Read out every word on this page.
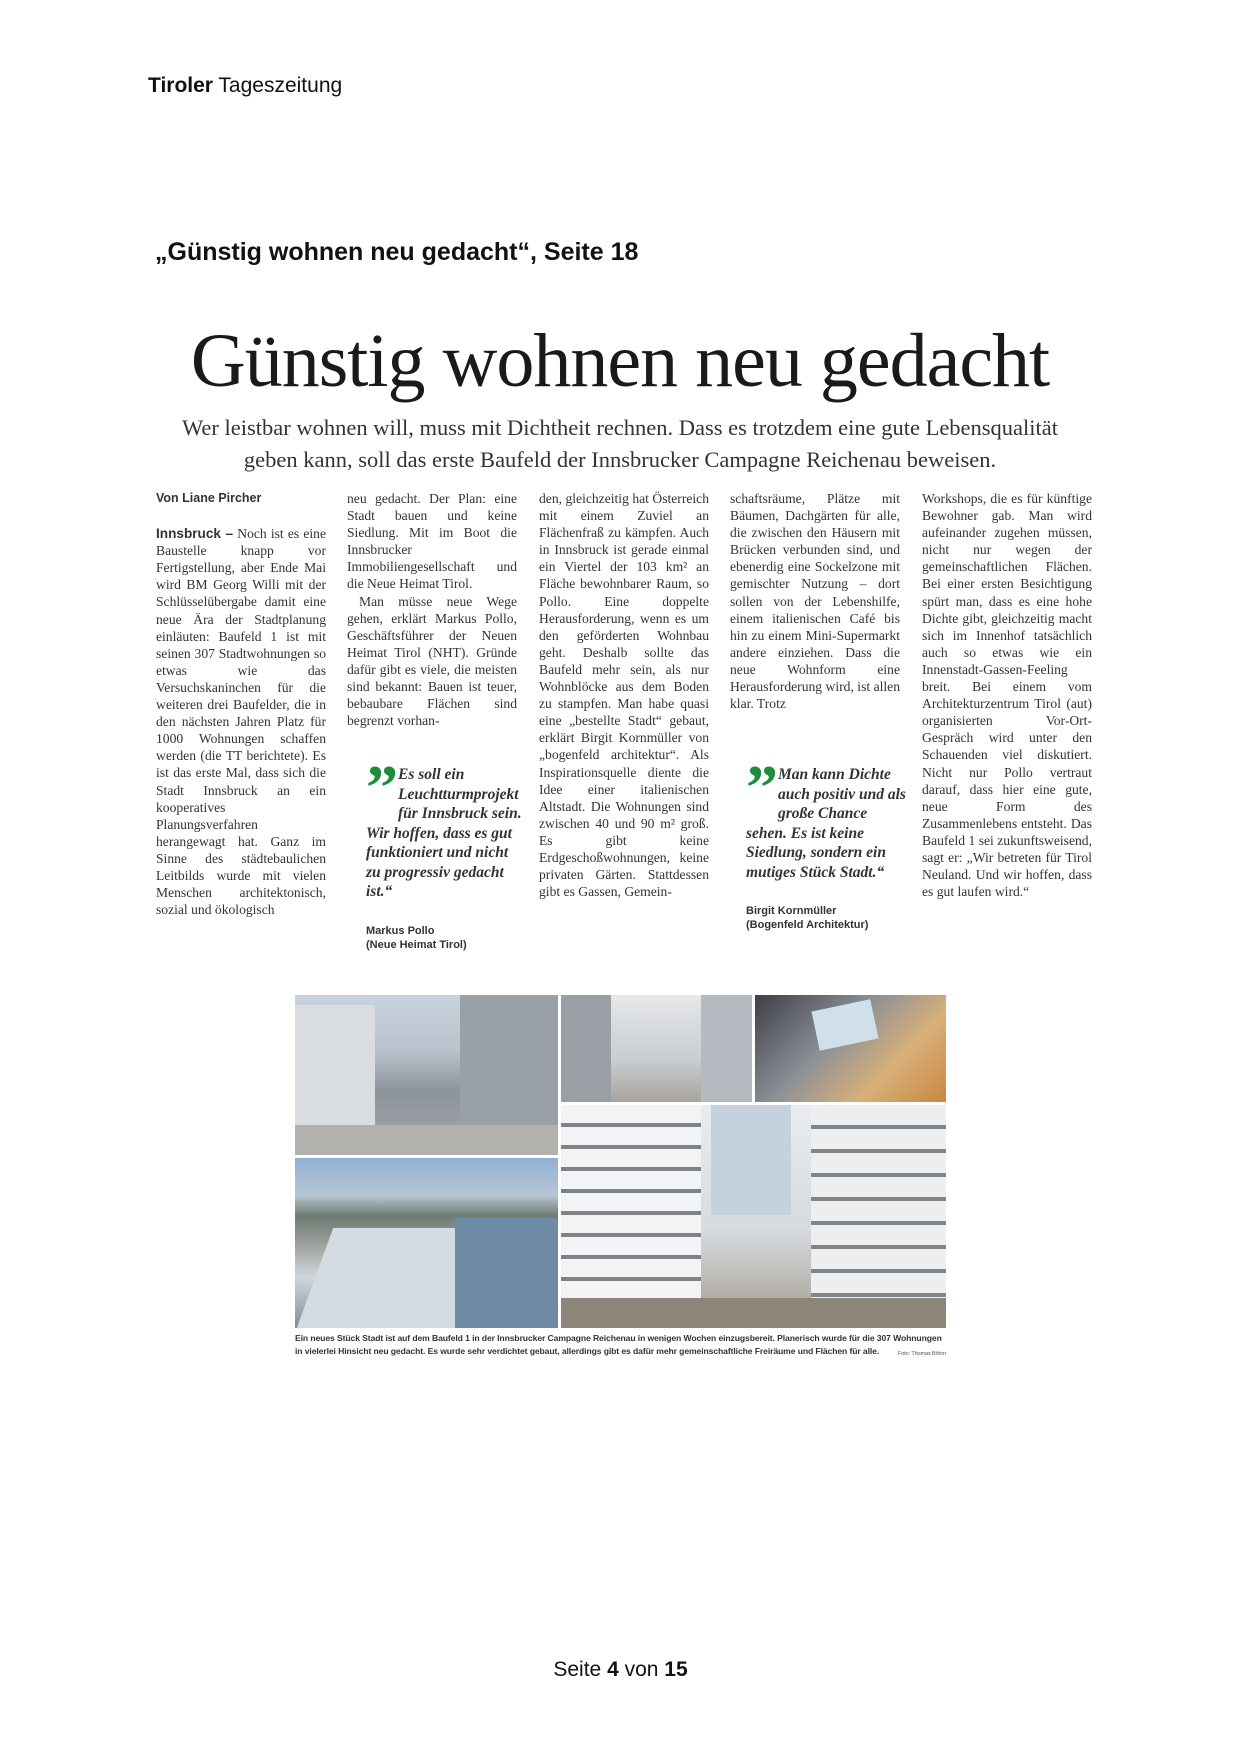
Tiroler Tageszeitung
„Günstig wohnen neu gedacht“, Seite 18
Günstig wohnen neu gedacht
Wer leistbar wohnen will, muss mit Dichtheit rechnen. Dass es trotzdem eine gute Lebensqualität
geben kann, soll das erste Baufeld der Innsbrucker Campagne Reichenau beweisen.

Von Liane Pircher

Innsbruck – Noch ist es eine Baustelle knapp vor Fertigstellung, aber Ende Mai wird BM Georg Willi mit der Schlüsselübergabe damit eine neue Ära der Stadtplanung einläuten: Baufeld 1 ist mit seinen 307 Stadtwohnungen so etwas wie das Versuchskaninchen für die weiteren drei Baufelder, die in den nächsten Jahren Platz für 1000 Wohnungen schaffen werden (die TT berichtete). Es ist das erste Mal, dass sich die Stadt Innsbruck an ein kooperatives Planungsverfahren herangewagt hat. Ganz im Sinne des städtebaulichen Leitbilds wurde mit vielen Menschen architektonisch, sozial und ökologisch

neu gedacht. Der Plan: eine Stadt bauen und keine Siedlung. Mit im Boot die Innsbrucker Immobiliengesellschaft und die Neue Heimat Tirol.

Man müsse neue Wege gehen, erklärt Markus Pollo, Geschäftsführer der Neuen Heimat Tirol (NHT). Gründe dafür gibt es viele, die meisten sind bekannt: Bauen ist teuer, bebaubare Flächen sind begrenzt vorhan-

” Es soll ein Leuchtturmprojekt für Innsbruck sein. Wir hoffen, dass es gut funktioniert und nicht zu progressiv gedacht ist.“
Markus Pollo
(Neue Heimat Tirol)

den, gleichzeitig hat Österreich mit einem Zuviel an Flächenfraß zu kämpfen. Auch in Innsbruck ist gerade einmal ein Viertel der 103 km² an Fläche bewohnbarer Raum, so Pollo. Eine doppelte Herausforderung, wenn es um den geförderten Wohnbau geht. Deshalb sollte das Baufeld mehr sein, als nur Wohnblöcke aus dem Boden zu stampfen. Man habe quasi eine „bestellte Stadt“ gebaut, erklärt Birgit Kornmüller von „bogenfeld architektur“. Als Inspirationsquelle diente die Idee einer italienischen Altstadt. Die Wohnungen sind zwischen 40 und 90 m² groß. Es gibt keine Erdgeschoßwohnungen, keine privaten Gärten. Stattdessen gibt es Gassen, Gemein-

schaftsräume, Plätze mit Bäumen, Dachgärten für alle, die zwischen den Häusern mit Brücken verbunden sind, und ebenerdig eine Sockelzone mit gemischter Nutzung – dort sollen von der Lebenshilfe, einem italienischen Café bis hin zu einem Mini-Supermarkt andere einziehen. Dass die neue Wohnform eine Herausforderung wird, ist allen klar. Trotz

” Man kann Dichte auch positiv und als große Chance sehen. Es ist keine Siedlung, sondern ein mutiges Stück Stadt.“
Birgit Kornmüller
(Bogenfeld Architektur)

Workshops, die es für künftige Bewohner gab. Man wird aufeinander zugehen müssen, nicht nur wegen der gemeinschaftlichen Flächen. Bei einer ersten Besichtigung spürt man, dass es eine hohe Dichte gibt, gleichzeitig macht sich im Innenhof tatsächlich auch so etwas wie ein Innenstadt-Gassen-Feeling breit. Bei einem vom Architekturzentrum Tirol (aut) organisierten Vor-Ort-Gespräch wird unter den Schauenden viel diskutiert. Nicht nur Pollo vertraut darauf, dass hier eine gute, neue Form des Zusammenlebens entsteht. Das Baufeld 1 sei zukunftsweisend, sagt er: „Wir betreten für Tirol Neuland. Und wir hoffen, dass es gut laufen wird.“

Ein neues Stück Stadt ist auf dem Baufeld 1 in der Innsbrucker Campagne Reichenau in wenigen Wochen einzugsbereit. Planerisch wurde für die 307 Wohnungen in vielerlei Hinsicht neu gedacht. Es wurde sehr verdichtet gebaut, allerdings gibt es dafür mehr gemeinschaftliche Freiräume und Flächen für alle.	Foto: Thomas Böhm
Seite 4 von 15
